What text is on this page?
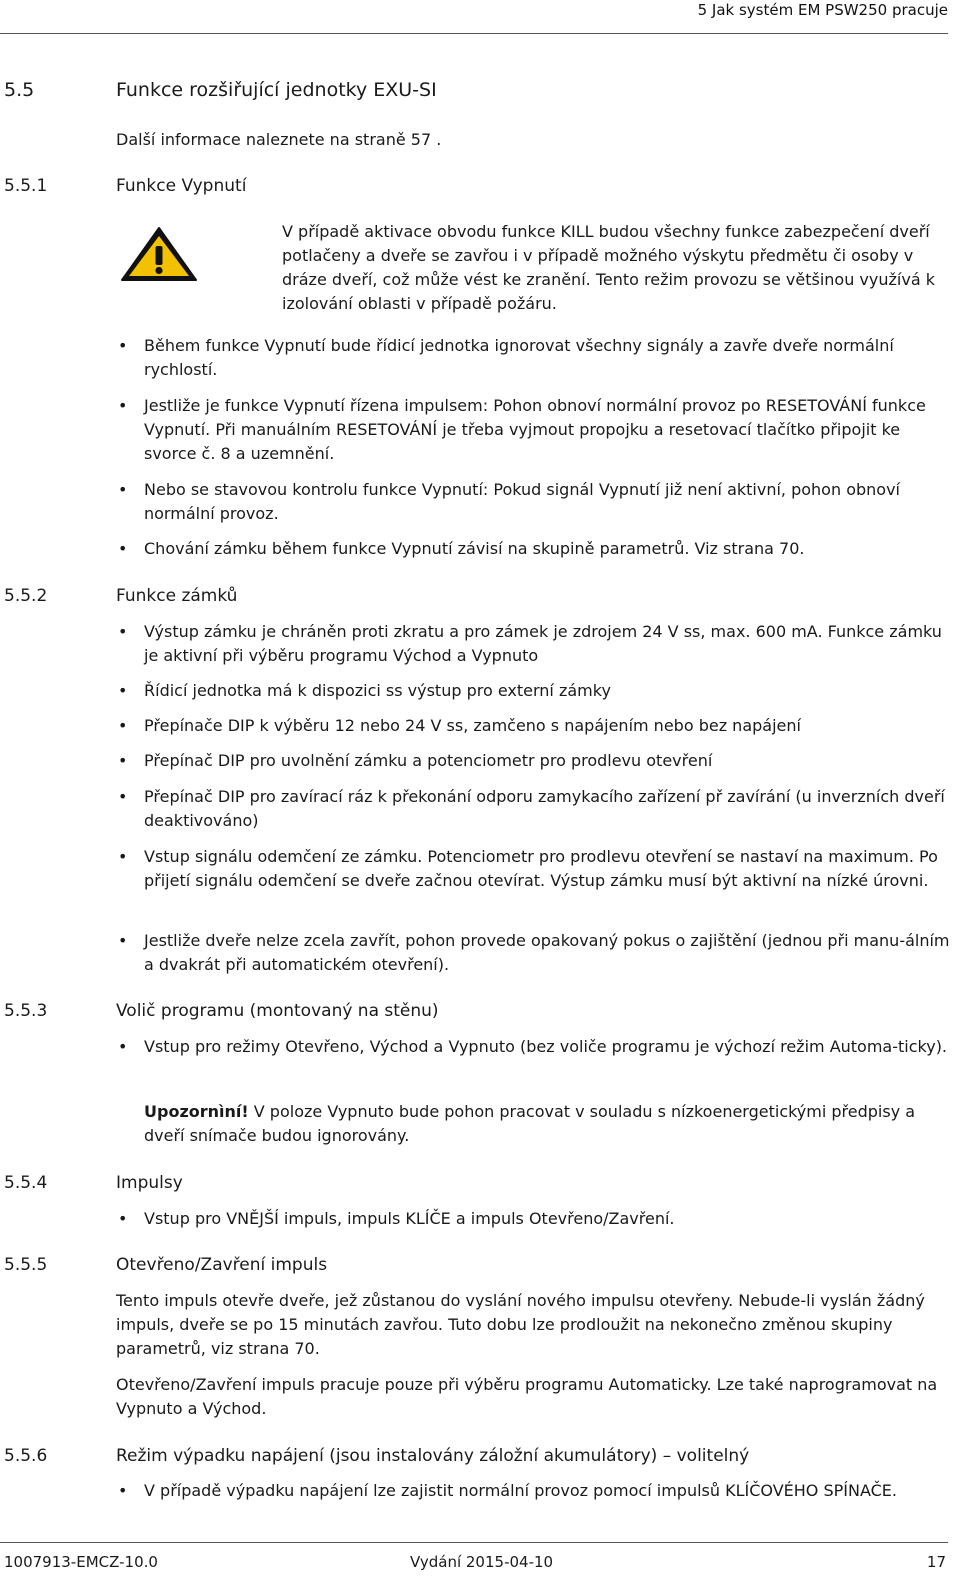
5 Jak systém EM PSW250 pracuje
5.5	Funkce rozšiřující jednotky EXU-SI
Další informace naleznete na straně 57 .
5.5.1	Funkce Vypnutí

V případě aktivace obvodu funkce KILL budou všechny funkce zabezpečení dveří potlačeny a dveře se zavřou i v případě možného výskytu předmětu či osoby v dráze dveří, což může vést ke zranění. Tento režim provozu se většinou využívá k izolování oblasti v případě požáru.

• Během funkce Vypnutí bude řídicí jednotka ignorovat všechny signály a zavře dveře normální rychlostí.
• Jestliže je funkce Vypnutí řízena impulsem: Pohon obnoví normální provoz po RESETOVÁNÍ funkce Vypnutí. Při manuálním RESETOVÁNÍ je třeba vyjmout propojku a resetovací tlačítko připojit ke svorce č. 8 a uzemnění.
• Nebo se stavovou kontrolu funkce Vypnutí: Pokud signál Vypnutí již není aktivní, pohon obnoví normální provoz.
• Chování zámku během funkce Vypnutí závisí na skupině parametrů. Viz strana 70.
5.5.2	Funkce zámků
• Výstup zámku je chráněn proti zkratu a pro zámek je zdrojem 24 V ss, max. 600 mA. Funkce zámku je aktivní při výběru programu Východ a Vypnuto
• Řídicí jednotka má k dispozici ss výstup pro externí zámky
• Přepínače DIP k výběru 12 nebo 24 V ss, zamčeno s napájením nebo bez napájení
• Přepínač DIP pro uvolnění zámku a potenciometr pro prodlevu otevření
• Přepínač DIP pro zavírací ráz k překonání odporu zamykacího zařízení př zavírání (u inverzních dveří deaktivováno)
• Vstup signálu odemčení ze zámku. Potenciometr pro prodlevu otevření se nastaví na maximum. Po přijetí signálu odemčení se dveře začnou otevírat. Výstup zámku musí být aktivní na nízké úrovni.
• Jestliže dveře nelze zcela zavřít, pohon provede opakovaný pokus o zajištění (jednou při manu-álním a dvakrát při automatickém otevření).
5.5.3	Volič programu (montovaný na stěnu)
• Vstup pro režimy Otevřeno, Východ a Vypnuto (bez voliče programu je výchozí režim Automa-ticky).

Upozornìní! V poloze Vypnuto bude pohon pracovat v souladu s nízkoenergetickými předpisy a dveří snímače budou ignorovány.

5.5.4	Impulsy
• Vstup pro VNĚJŠÍ impuls, impuls KLÍČE a impuls Otevřeno/Zavření.
5.5.5	Otevřeno/Zavření impuls

Tento impuls otevře dveře, jež zůstanou do vyslání nového impulsu otevřeny. Nebude-li vyslán žádný impuls, dveře se po 15 minutách zavřou. Tuto dobu lze prodloužit na nekonečno změnou skupiny parametrů, viz strana 70.

Otevřeno/Zavření impuls pracuje pouze při výběru programu Automaticky. Lze také naprogramovat na Vypnuto a Východ.

5.5.6	Režim výpadku napájení (jsou instalovány záložní akumulátory) – volitelný
• V případě výpadku napájení lze zajistit normální provoz pomocí impulsů KLÍČOVÉHO SPÍNAČE.
1007913-EMCZ-10.0	Vydání 2015-04-10	17
